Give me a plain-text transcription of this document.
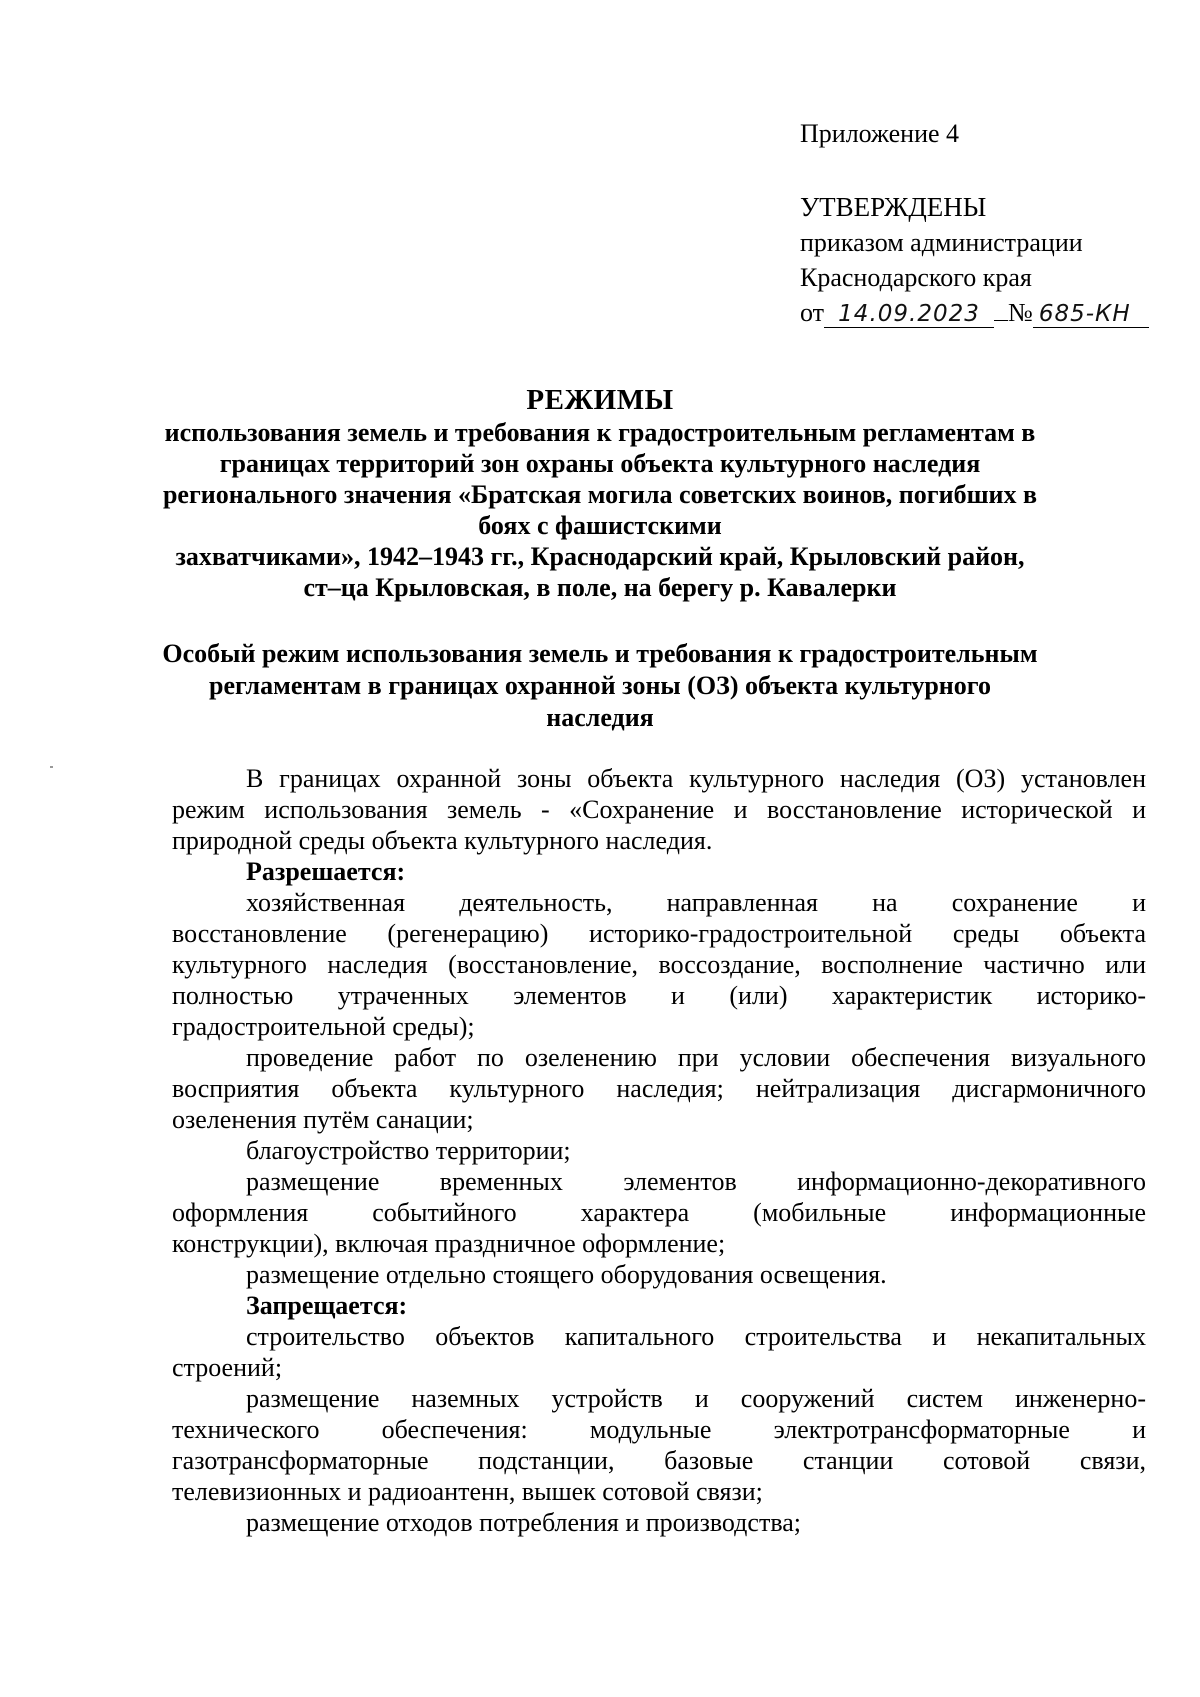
Приложение 4
УТВЕРЖДЕНЫ
приказом администрации
Краснодарского края
от 14.09.2023 № 685-КН
РЕЖИМЫ
использования земель и требования к градостроительным регламентам в
границах территорий зон охраны объекта культурного наследия
регионального значения «Братская могила советских воинов, погибших в
боях с фашистскими
захватчиками», 1942–1943 гг., Краснодарский край, Крыловский район,
ст–ца Крыловская, в поле, на берегу р. Кавалерки
Особый режим использования земель и требования к градостроительным
регламентам в границах охранной зоны (ОЗ) объекта культурного
наследия

В границах охранной зоны объекта культурного наследия (ОЗ) установлен
режим использования земель - «Сохранение и восстановление исторической и
природной среды объекта культурного наследия.

Разрешается:

хозяйственная деятельность, направленная на сохранение и
восстановление (регенерацию) историко-градостроительной среды объекта
культурного наследия (восстановление, воссоздание, восполнение частично или
полностью утраченных элементов и (или) характеристик историко-
градостроительной среды);

проведение работ по озеленению при условии обеспечения визуального
восприятия объекта культурного наследия; нейтрализация дисгармоничного
озеленения путём санации;

благоустройство территории;

размещение временных элементов информационно-декоративного
оформления событийного характера (мобильные информационные
конструкции), включая праздничное оформление;

размещение отдельно стоящего оборудования освещения.

Запрещается:

строительство объектов капитального строительства и некапитальных
строений;

размещение наземных устройств и сооружений систем инженерно-
технического обеспечения: модульные электротрансформаторные и
газотрансформаторные подстанции, базовые станции сотовой связи,
телевизионных и радиоантенн, вышек сотовой связи;

размещение отходов потребления и производства;
